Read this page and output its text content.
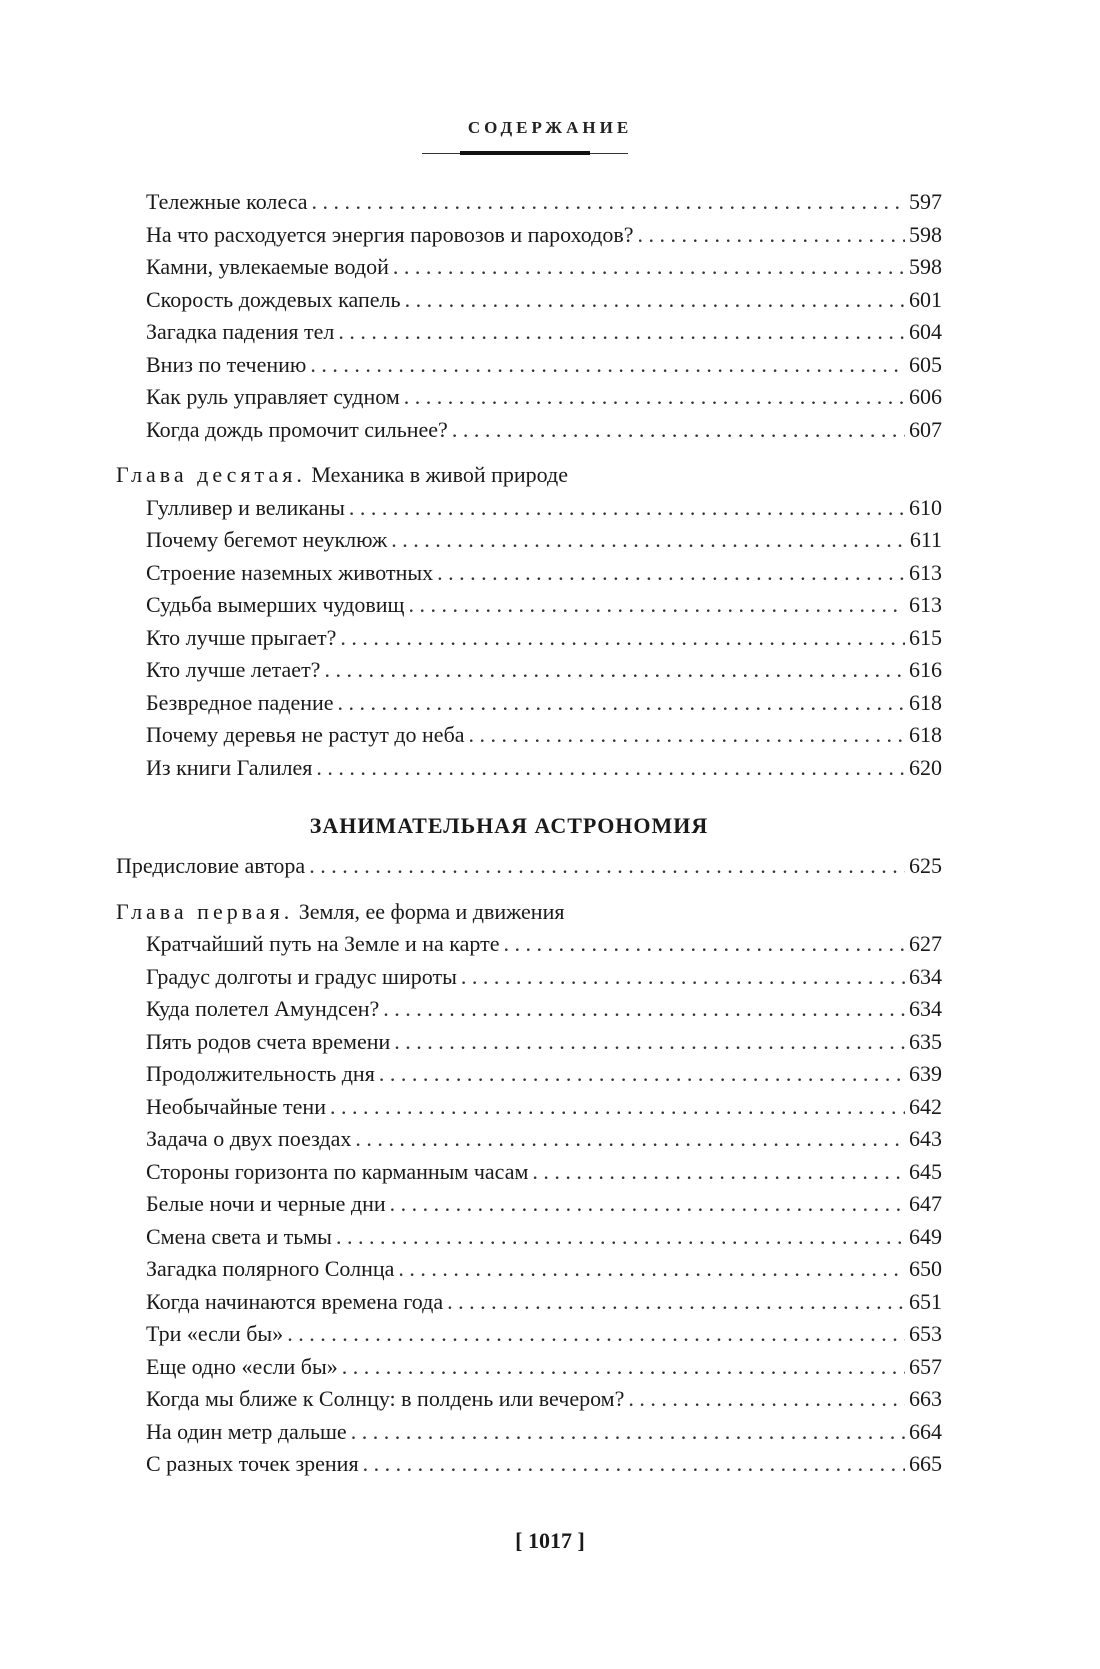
СОДЕРЖАНИЕ
Тележные колеса . . .	597
На что расходуется энергия паровозов и пароходов? . . .	598
Камни, увлекаемые водой . . .	598
Скорость дождевых капель . . .	601
Загадка падения тел . . .	604
Вниз по течению . . .	605
Как руль управляет судном . . .	606
Когда дождь промочит сильнее? . . .	607
Глава десятая. Механика в живой природе
Гулливер и великаны . . .	610
Почему бегемот неуклюж . . .	611
Строение наземных животных . . .	613
Судьба вымерших чудовищ . . .	613
Кто лучше прыгает? . . .	615
Кто лучше летает? . . .	616
Безвредное падение . . .	618
Почему деревья не растут до неба . . .	618
Из книги Галилея . . .	620
ЗАНИМАТЕЛЬНАЯ АСТРОНОМИЯ
Предисловие автора . . .	625
Глава первая. Земля, ее форма и движения
Кратчайший путь на Земле и на карте . . .	627
Градус долготы и градус широты . . .	634
Куда полетел Амундсен? . . .	634
Пять родов счета времени . . .	635
Продолжительность дня . . .	639
Необычайные тени . . .	642
Задача о двух поездах . . .	643
Стороны горизонта по карманным часам . . .	645
Белые ночи и черные дни . . .	647
Смена света и тьмы . . .	649
Загадка полярного Солнца . . .	650
Когда начинаются времена года . . .	651
Три «если бы» . . .	653
Еще одно «если бы» . . .	657
Когда мы ближе к Солнцу: в полдень или вечером? . . .	663
На один метр дальше . . .	664
С разных точек зрения . . .	665
[ 1017 ]
